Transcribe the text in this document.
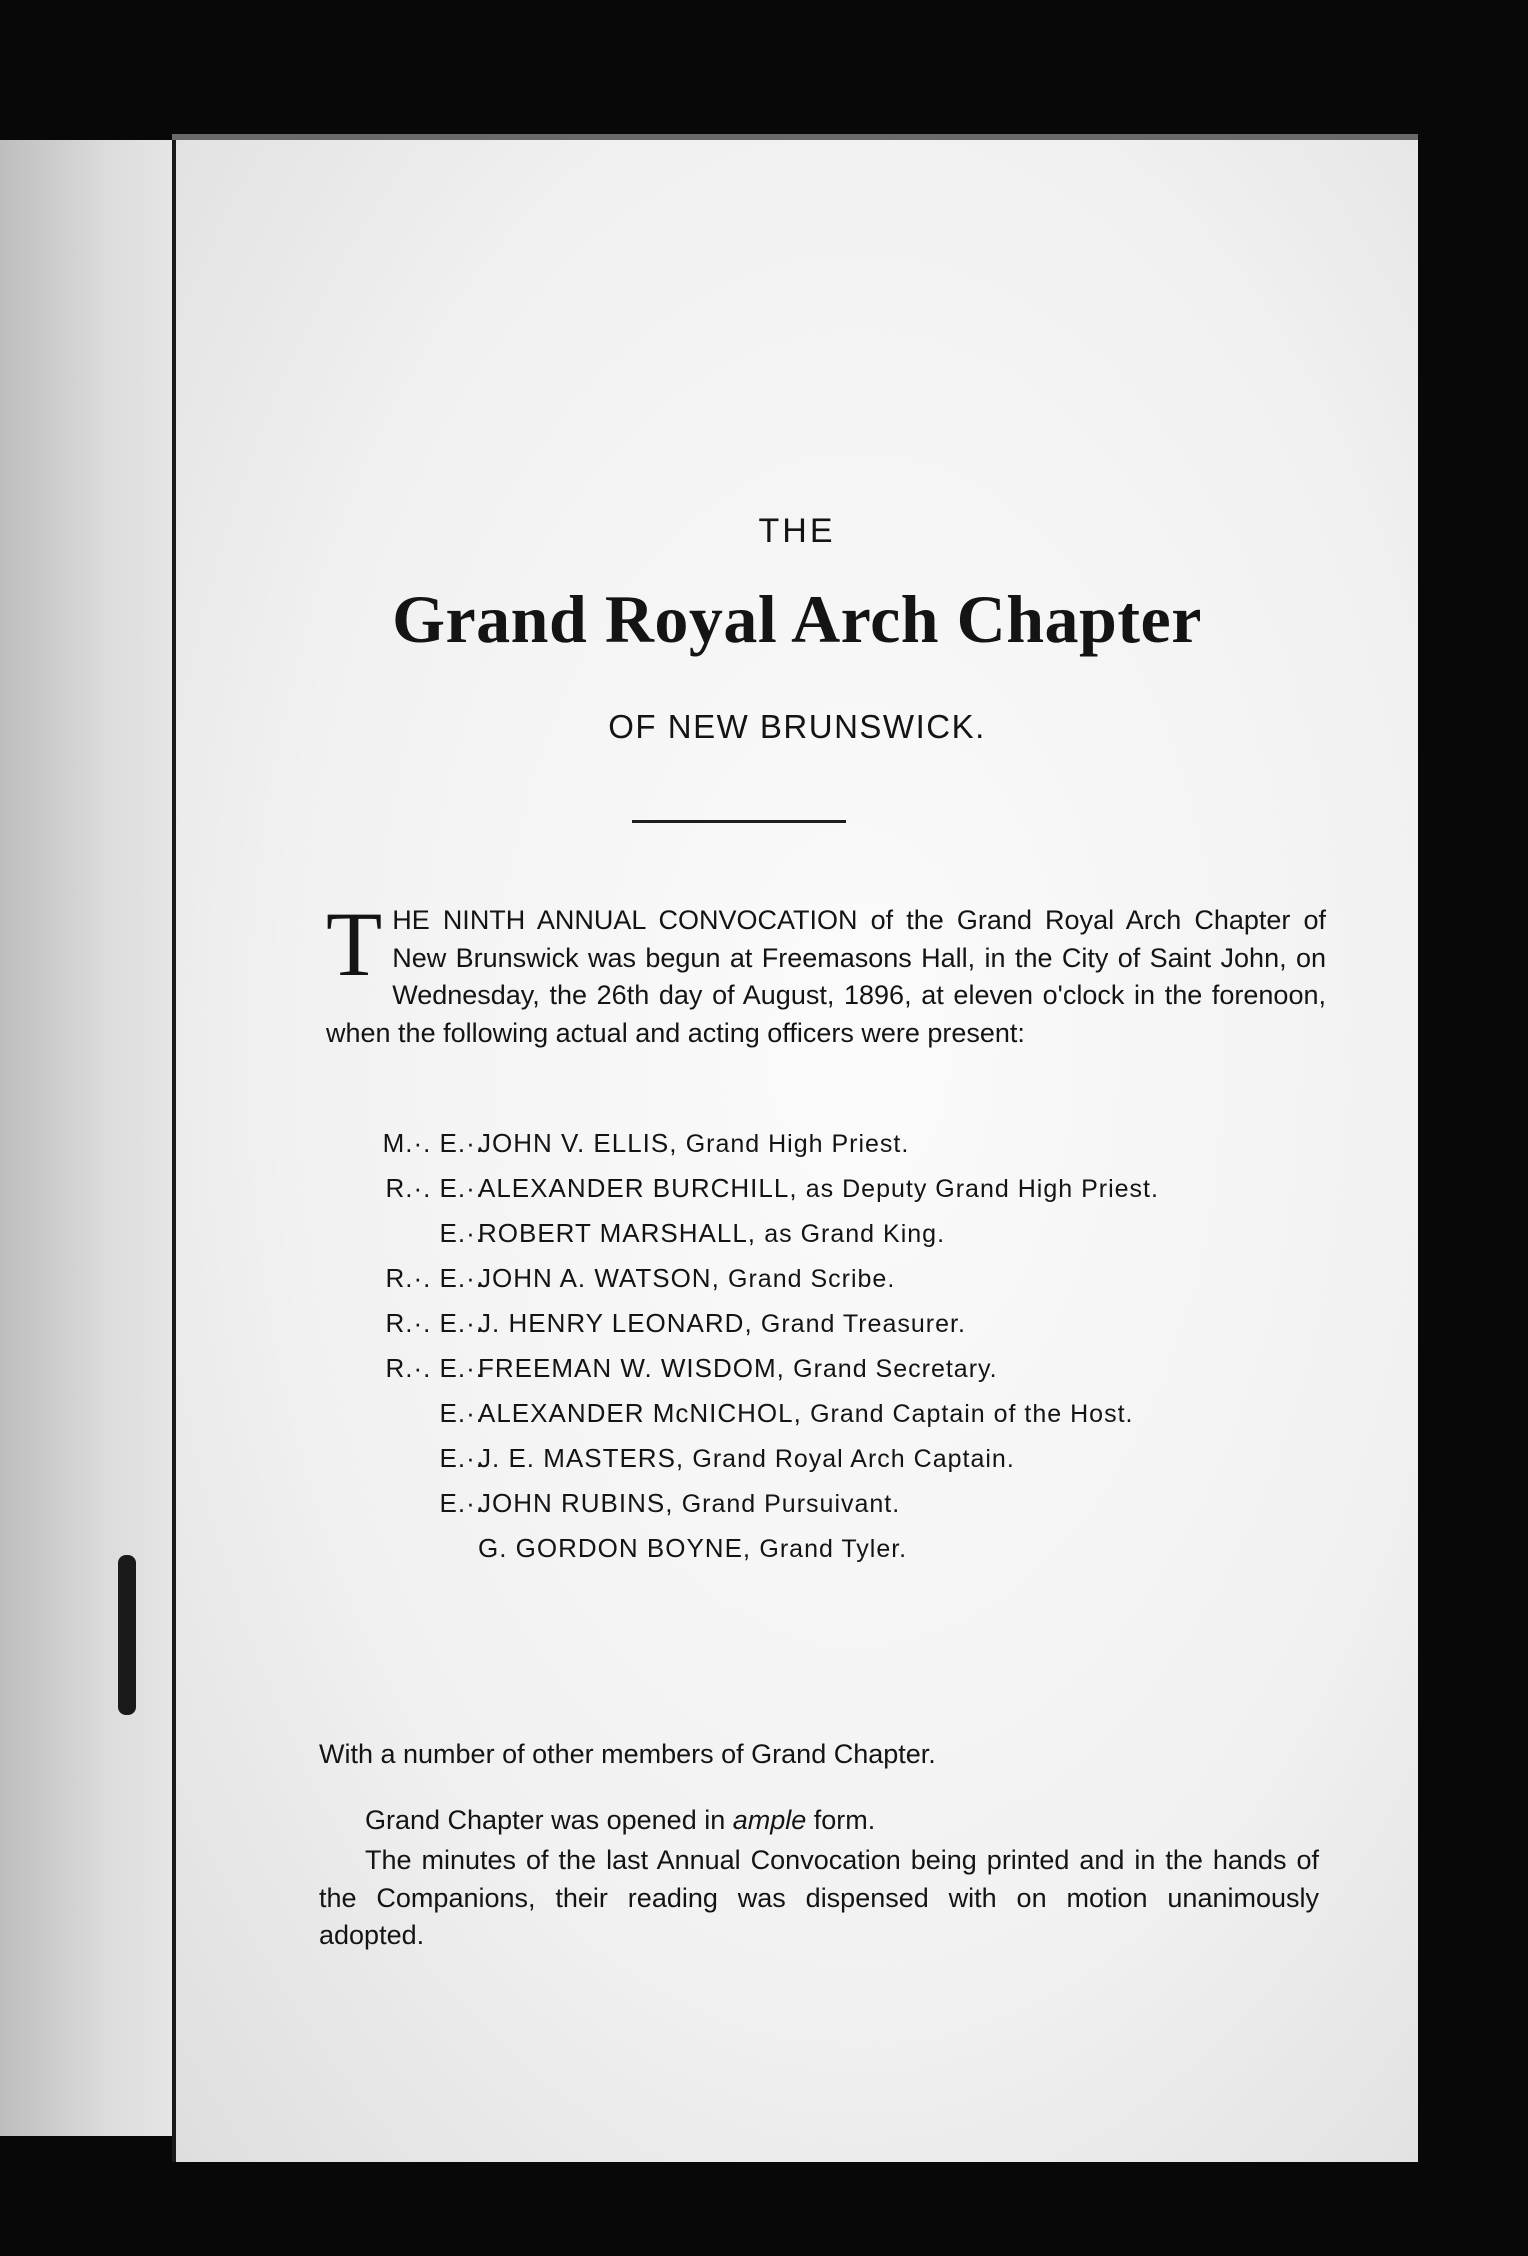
THE
Grand Royal Arch Chapter
OF NEW BRUNSWICK.
T HE NINTH ANNUAL CONVOCATION of the Grand Royal Arch Chapter of New Brunswick was begun at Freemasons Hall, in the City of Saint John, on Wednesday, the 26th day of August, 1896, at eleven o'clock in the forenoon, when the following actual and acting officers were present:
M.·. E.·.
JOHN V. ELLIS, Grand High Priest.
R.·. E.·.
ALEXANDER BURCHILL, as Deputy Grand High Priest.
E.·.
ROBERT MARSHALL, as Grand King.
R.·. E.·.
JOHN A. WATSON, Grand Scribe.
R.·. E.·.
J. HENRY LEONARD, Grand Treasurer.
R.·. E.·.
FREEMAN W. WISDOM, Grand Secretary.
E.·.
ALEXANDER McNICHOL, Grand Captain of the Host.
E.·.
J. E. MASTERS, Grand Royal Arch Captain.
E.·.
JOHN RUBINS, Grand Pursuivant.
G. GORDON BOYNE, Grand Tyler.
With a number of other members of Grand Chapter.
Grand Chapter was opened in ample form.
The minutes of the last Annual Convocation being printed and in the hands of the Companions, their reading was dispensed with on motion unanimously adopted.
